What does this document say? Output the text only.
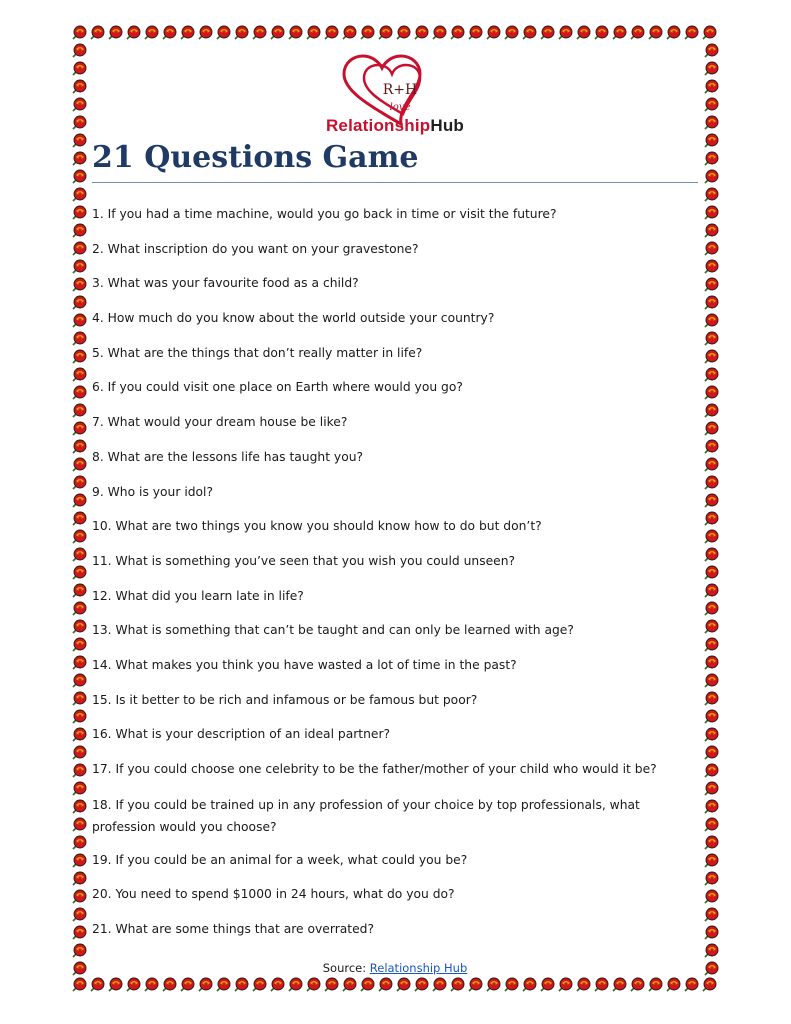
R+H
love
RelationshipHub
21 Questions Game
1. If you had a time machine, would you go back in time or visit the future?
2. What inscription do you want on your gravestone?
3. What was your favourite food as a child?
4. How much do you know about the world outside your country?
5. What are the things that don’t really matter in life?
6. If you could visit one place on Earth where would you go?
7. What would your dream house be like?
8. What are the lessons life has taught you?
9. Who is your idol?
10. What are two things you know you should know how to do but don’t?
11. What is something you’ve seen that you wish you could unseen?
12. What did you learn late in life?
13. What is something that can’t be taught and can only be learned with age?
14. What makes you think you have wasted a lot of time in the past?
15. Is it better to be rich and infamous or be famous but poor?
16. What is your description of an ideal partner?
17. If you could choose one celebrity to be the father/mother of your child who would it be?
18. If you could be trained up in any profession of your choice by top professionals, what profession would you choose?
19. If you could be an animal for a week, what could you be?
20. You need to spend $1000 in 24 hours, what do you do?
21. What are some things that are overrated?
Source: Relationship Hub
